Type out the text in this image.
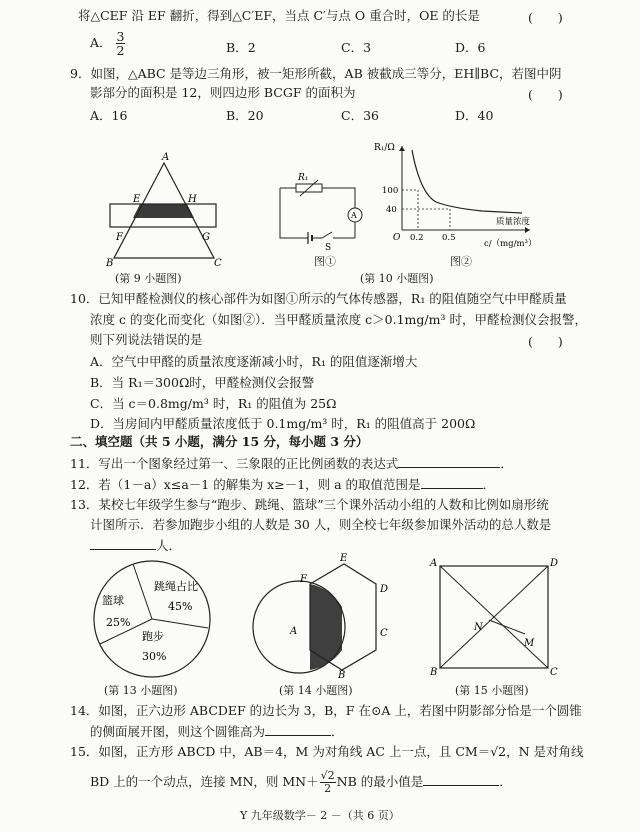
将△CEF 沿 EF 翻折，得到△C′EF，当点 C′与点 O 重合时，OE 的长是	(　　)
A． $\frac{3}{2}$	B．2	C．3	D．6
9．如图，△ABC 是等边三角形，被一矩形所截，AB 被截成三等分，EH∥BC，若图中阴
影部分的面积是 12，则四边形 BCGF 的面积为	(　　)
A．16	B．20	C．36	D．40
A
E	H
F	G
B	C
(第 9 小题图)
R₁
A
S
图①
R₁/Ω
100
40
O 0.2 0.5
质量浓度
c/（mg/m³）
图②
(第 10 小题图)
10．已知甲醛检测仪的核心部件为如图①所示的气体传感器，R₁ 的阻值随空气中甲醛质量
浓度 c 的变化而变化（如图②）．当甲醛质量浓度 c＞0.1mg/m³ 时，甲醛检测仪会报警，
则下列说法错误的是	(　　)
A．空气中甲醛的质量浓度逐渐减小时，R₁ 的阻值逐渐增大
B．当 R₁＝300Ω时，甲醛检测仪会报警
C．当 c＝0.8mg/m³ 时，R₁ 的阻值为 25Ω
D．当房间内甲醛质量浓度低于 0.1mg/m³ 时，R₁ 的阻值高于 200Ω
二、填空题（共 5 小题，满分 15 分，每小题 3 分）
11．写出一个图象经过第一、三象限的正比例函数的表达式	．
12．若（1－a）x≤a－1 的解集为 x≥－1，则 a 的取值范围是	．
13．某校七年级学生参与“跑步、跳绳、篮球”三个课外活动小组的人数和比例如扇形统
计图所示．若参加跑步小组的人数是 30 人，则全校七年级参加课外活动的总人数是
人．
跳绳占比
45%
篮球
25%
跑步
30%
(第 13 小题图)
E
F
D
A	C
B
(第 14 小题图)
A	D
N
M
B	C
(第 15 小题图)
14．如图，正六边形 ABCDEF 的边长为 3，B，F 在⊙A 上，若图中阴影部分恰是一个圆锥
的侧面展开图，则这个圆锥高为	．
15．如图，正方形 ABCD 中，AB＝4，M 为对角线 AC 上一点，且 CM＝√2，N 是对角线
BD 上的一个动点，连接 MN，则 $MN+ \frac{√2}{2}$ NB 的最小值是	．
Y 九年级数学－ 2 －（共 6 页）
